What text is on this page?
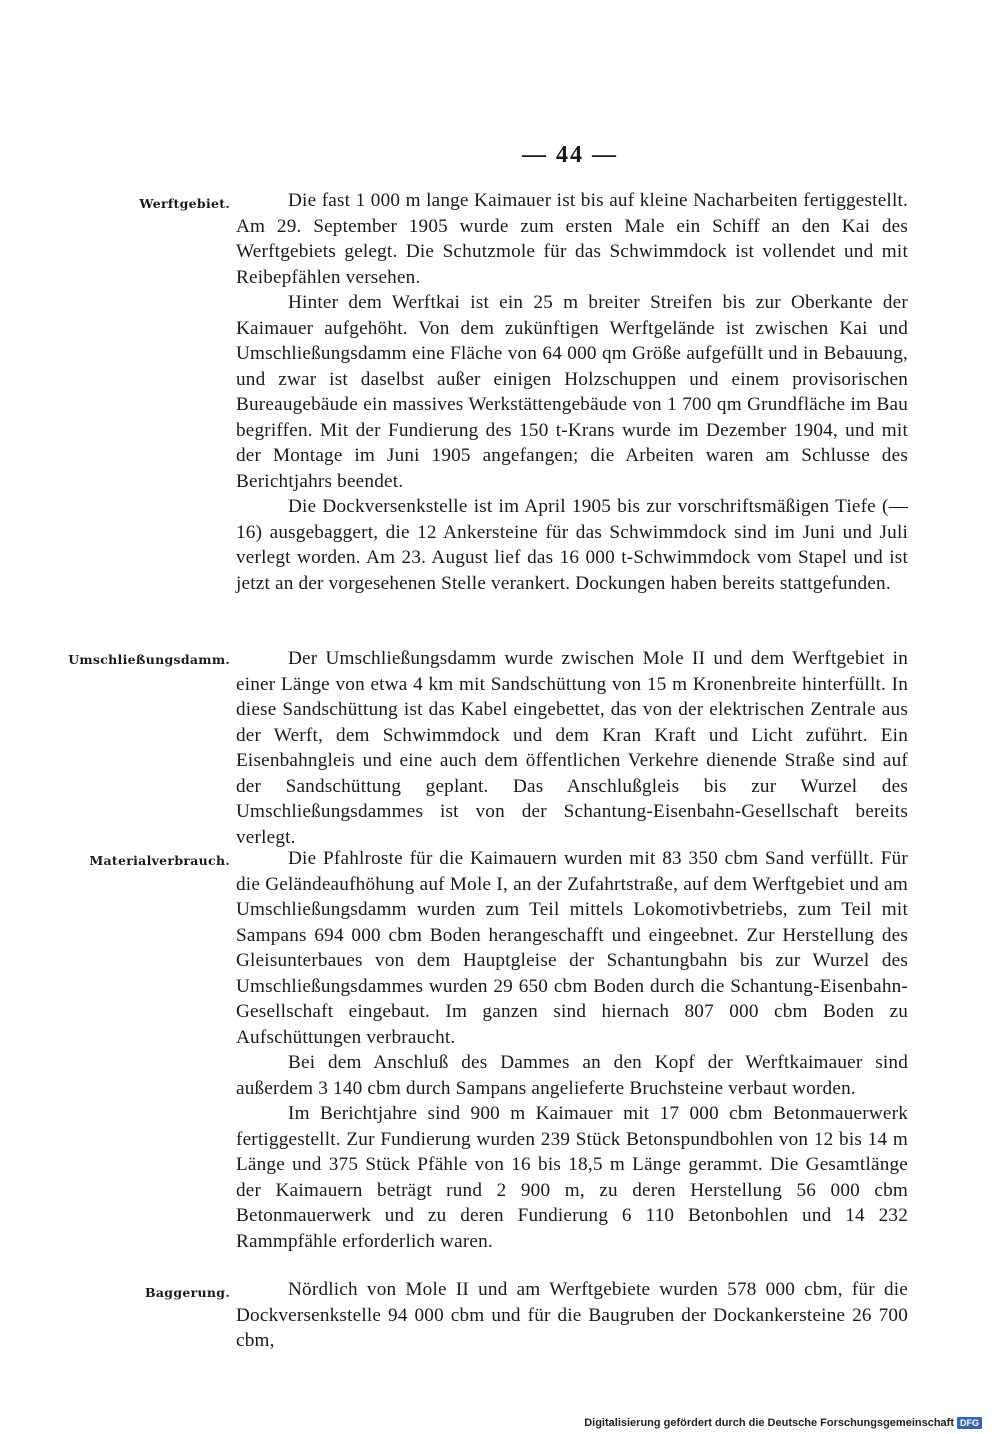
— 44 —
Werftgebiet.	Die fast 1 000 m lange Kaimauer ist bis auf kleine Nacharbeiten fertiggestellt. Am 29. September 1905 wurde zum ersten Male ein Schiff an den Kai des Werftgebiets gelegt. Die Schutzmole für das Schwimmdock ist vollendet und mit Reibepfählen versehen.

Hinter dem Werftkai ist ein 25 m breiter Streifen bis zur Oberkante der Kaimauer aufgehöht. Von dem zukünftigen Werftgelände ist zwischen Kai und Umschließungsdamm eine Fläche von 64 000 qm Größe aufgefüllt und in Bebauung, und zwar ist daselbst außer einigen Holzschuppen und einem provisorischen Bureaugebäude ein massives Werkstättengebäude von 1 700 qm Grundfläche im Bau begriffen. Mit der Fundierung des 150 t-Krans wurde im Dezember 1904, und mit der Montage im Juni 1905 angefangen; die Arbeiten waren am Schlusse des Berichtjahrs beendet.

Die Dockversenkstelle ist im April 1905 bis zur vorschriftsmäßigen Tiefe (— 16) ausgebaggert, die 12 Ankersteine für das Schwimmdock sind im Juni und Juli verlegt worden. Am 23. August lief das 16 000 t-Schwimmdock vom Stapel und ist jetzt an der vorgesehenen Stelle verankert. Dockungen haben bereits stattgefunden.

Umschließungsdamm.	Der Umschließungsdamm wurde zwischen Mole II und dem Werftgebiet in einer Länge von etwa 4 km mit Sandschüttung von 15 m Kronenbreite hinterfüllt. In diese Sandschüttung ist das Kabel eingebettet, das von der elektrischen Zentrale aus der Werft, dem Schwimmdock und dem Kran Kraft und Licht zuführt. Ein Eisenbahngleis und eine auch dem öffentlichen Verkehre dienende Straße sind auf der Sandschüttung geplant. Das Anschlußgleis bis zur Wurzel des Umschließungsdammes ist von der Schantung-Eisenbahn-Gesellschaft bereits verlegt.

Materialverbrauch.	Die Pfahlroste für die Kaimauern wurden mit 83 350 cbm Sand verfüllt. Für die Geländeaufhöhung auf Mole I, an der Zufahrtstraße, auf dem Werftgebiet und am Umschließungsdamm wurden zum Teil mittels Lokomotivbetriebs, zum Teil mit Sampans 694 000 cbm Boden herangeschafft und eingeebnet. Zur Herstellung des Gleisunterbaues von dem Hauptgleise der Schantungbahn bis zur Wurzel des Umschließungsdammes wurden 29 650 cbm Boden durch die Schantung-Eisenbahn-Gesellschaft eingebaut. Im ganzen sind hiernach 807 000 cbm Boden zu Aufschüttungen verbraucht.

Bei dem Anschluß des Dammes an den Kopf der Werftkaimauer sind außerdem 3 140 cbm durch Sampans angelieferte Bruchsteine verbaut worden.

Im Berichtjahre sind 900 m Kaimauer mit 17 000 cbm Betonmauerwerk fertiggestellt. Zur Fundierung wurden 239 Stück Betonspundbohlen von 12 bis 14 m Länge und 375 Stück Pfähle von 16 bis 18,5 m Länge gerammt. Die Gesamtlänge der Kaimauern beträgt rund 2 900 m, zu deren Herstellung 56 000 cbm Betonmauerwerk und zu deren Fundierung 6 110 Betonbohlen und 14 232 Rammpfähle erforderlich waren.

Baggerung.	Nördlich von Mole II und am Werftgebiete wurden 578 000 cbm, für die Dockversenkstelle 94 000 cbm und für die Baugruben der Dockankersteine 26 700 cbm,

Digitalisierung gefördert durch die Deutsche Forschungsgemeinschaft DFG
